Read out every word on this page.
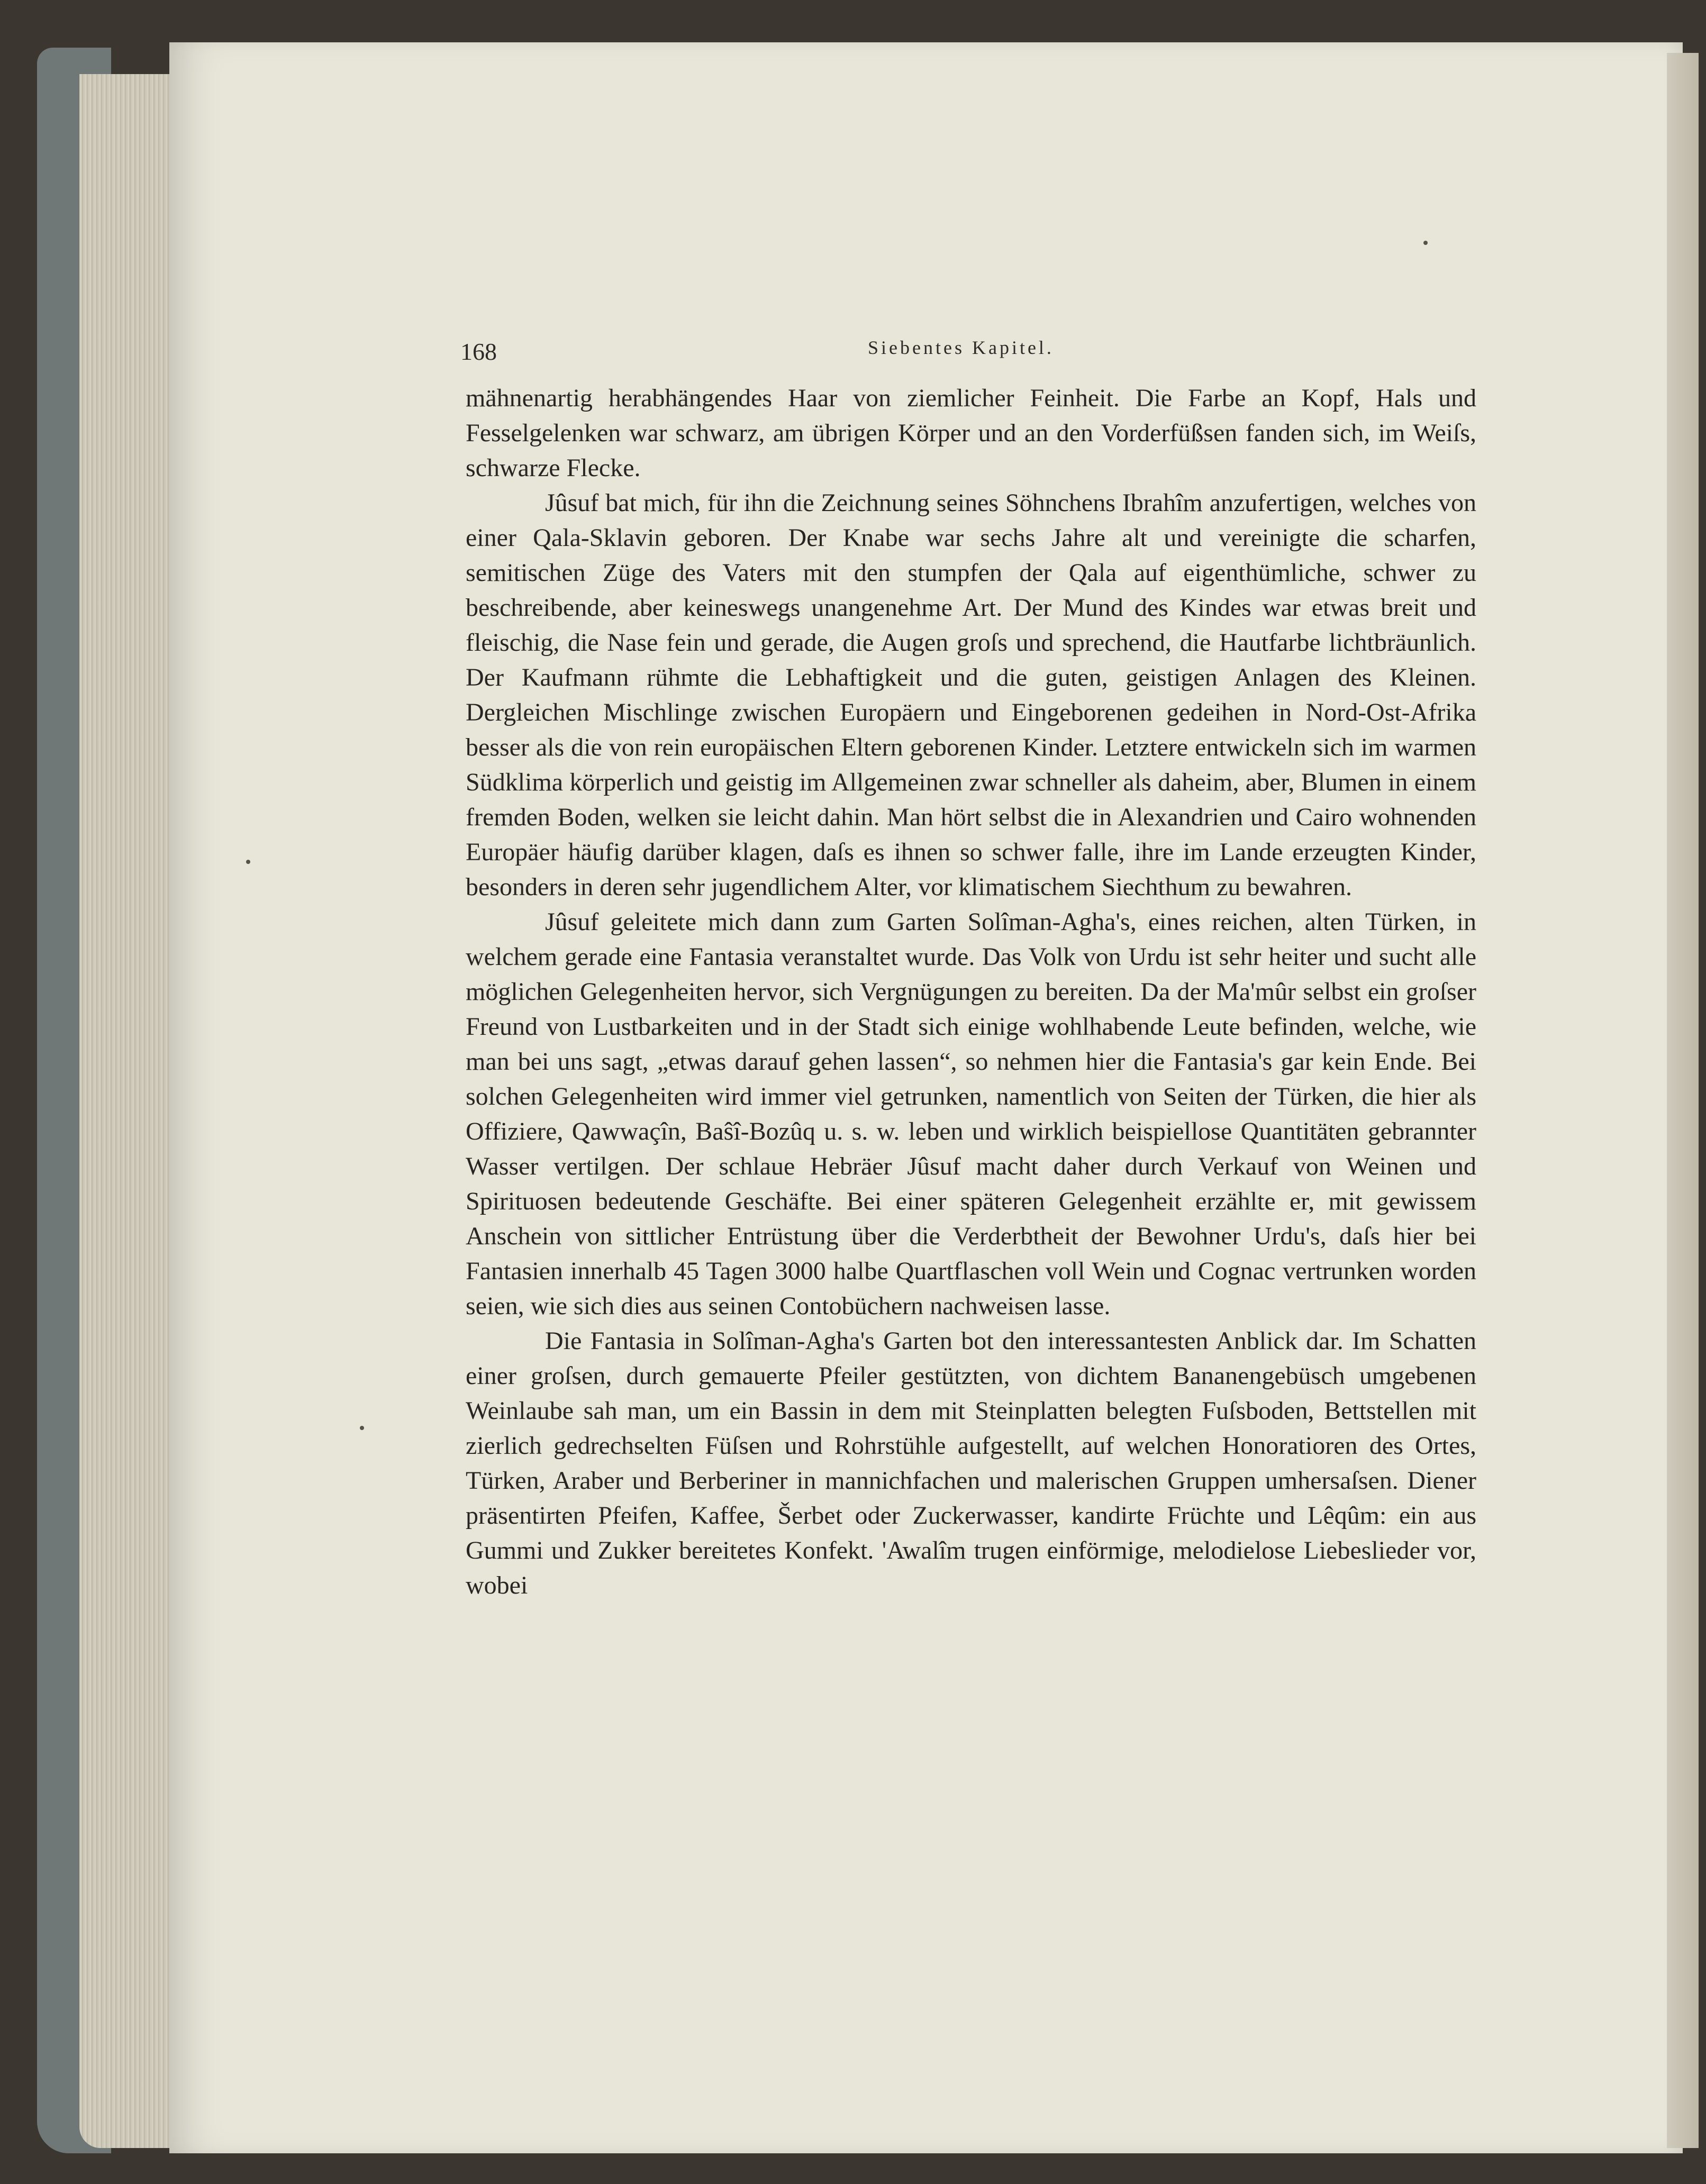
168	Siebentes Kapitel.

mähnenartig herabhängendes Haar von ziemlicher Feinheit. Die Farbe an Kopf, Hals und Fesselgelenken war schwarz, am übrigen Körper und an den Vorderfüßsen fanden sich, im Weiſs, schwarze Flecke.

Jûsuf bat mich, für ihn die Zeichnung seines Söhnchens Ibrahîm anzufertigen, welches von einer Qala-Sklavin geboren. Der Knabe war sechs Jahre alt und vereinigte die scharfen, semitischen Züge des Vaters mit den stumpfen der Qala auf eigenthümliche, schwer zu beschreibende, aber keineswegs unangenehme Art. Der Mund des Kindes war etwas breit und fleischig, die Nase fein und gerade, die Augen groſs und sprechend, die Hautfarbe lichtbräunlich. Der Kaufmann rühmte die Lebhaftigkeit und die guten, geistigen Anlagen des Kleinen. Dergleichen Mischlinge zwischen Europäern und Eingeborenen gedeihen in Nord-Ost-Afrika besser als die von rein europäischen Eltern geborenen Kinder. Letztere entwickeln sich im warmen Südklima körperlich und geistig im Allgemeinen zwar schneller als daheim, aber, Blumen in einem fremden Boden, welken sie leicht dahin. Man hört selbst die in Alexandrien und Cairo wohnenden Europäer häufig darüber klagen, daſs es ihnen so schwer falle, ihre im Lande erzeugten Kinder, besonders in deren sehr jugendlichem Alter, vor klimatischem Siechthum zu bewahren.

Jûsuf geleitete mich dann zum Garten Solîman-Agha's, eines reichen, alten Türken, in welchem gerade eine Fantasia veranstaltet wurde. Das Volk von Urdu ist sehr heiter und sucht alle möglichen Gelegenheiten hervor, sich Vergnügungen zu bereiten. Da der Ma'mûr selbst ein groſser Freund von Lustbarkeiten und in der Stadt sich einige wohlhabende Leute befinden, welche, wie man bei uns sagt, „etwas darauf gehen lassen“, so nehmen hier die Fantasia's gar kein Ende. Bei solchen Gelegenheiten wird immer viel getrunken, namentlich von Seiten der Türken, die hier als Offiziere, Qawwaçîn, Baŝî-Bozûq u. s. w. leben und wirklich beispiellose Quantitäten gebrannter Wasser vertilgen. Der schlaue Hebräer Jûsuf macht daher durch Verkauf von Weinen und Spirituosen bedeutende Geschäfte. Bei einer späteren Gelegenheit erzählte er, mit gewissem Anschein von sittlicher Entrüstung über die Verderbtheit der Bewohner Urdu's, daſs hier bei Fantasien innerhalb 45 Tagen 3000 halbe Quartflaschen voll Wein und Cognac vertrunken worden seien, wie sich dies aus seinen Contobüchern nachweisen lasse.

Die Fantasia in Solîman-Agha's Garten bot den interessantesten Anblick dar. Im Schatten einer groſsen, durch gemauerte Pfeiler gestützten, von dichtem Bananengebüsch umgebenen Weinlaube sah man, um ein Bassin in dem mit Steinplatten belegten Fuſsboden, Bettstellen mit zierlich gedrechselten Füſsen und Rohrstühle aufgestellt, auf welchen Honoratioren des Ortes, Türken, Araber und Berberiner in mannichfachen und malerischen Gruppen umhersaſsen. Diener präsentirten Pfeifen, Kaffee, Šerbet oder Zuckerwasser, kandirte Früchte und Lêqûm: ein aus Gummi und Zukker bereitetes Konfekt. 'Awalîm trugen einförmige, melodielose Liebeslieder vor, wobei
